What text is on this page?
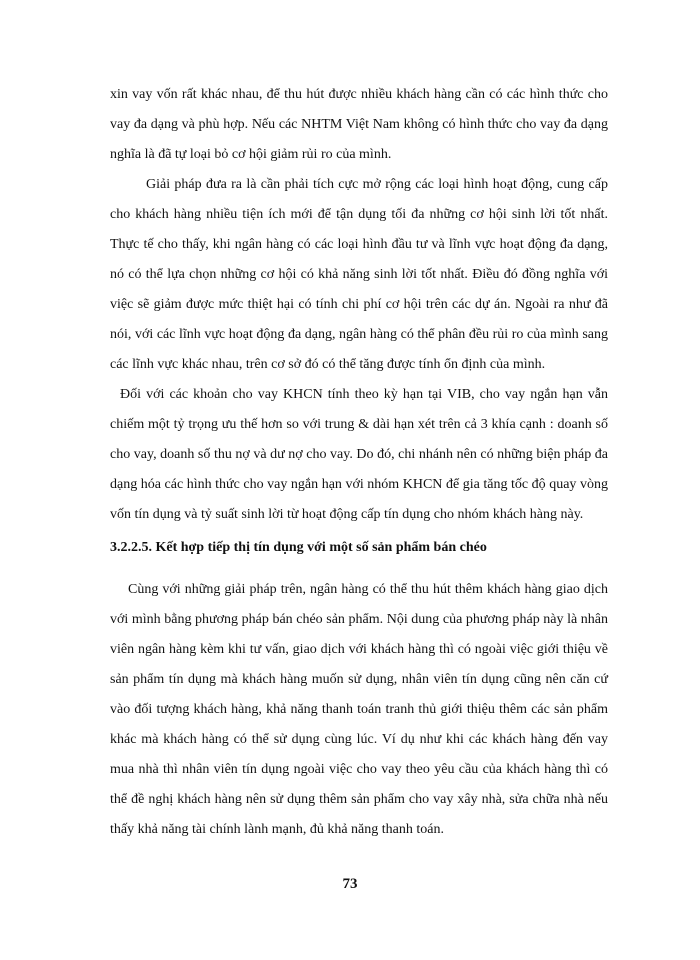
xin vay vốn rất khác nhau, để thu hút được nhiều khách hàng cần có các hình thức cho vay đa dạng và phù hợp. Nếu các NHTM Việt Nam không có hình thức cho vay đa dạng nghĩa là đã tự loại bỏ cơ hội giảm rủi ro của mình.

Giải pháp đưa ra là cần phải tích cực mở rộng các loại hình hoạt động, cung cấp cho khách hàng nhiều tiện ích mới để tận dụng tối đa những cơ hội sinh lời tốt nhất. Thực tế cho thấy, khi ngân hàng có các loại hình đầu tư và lĩnh vực hoạt động đa dạng, nó có thể lựa chọn những cơ hội có khả năng sinh lời tốt nhất. Điều đó đồng nghĩa với việc sẽ giảm được mức thiệt hại có tính chi phí cơ hội trên các dự án. Ngoài ra như đã nói, với các lĩnh vực hoạt động đa dạng, ngân hàng có thể phân đều rủi ro của mình sang các lĩnh vực khác nhau, trên cơ sở đó có thể tăng được tính ổn định của mình.

Đối với các khoản cho vay KHCN tính theo kỳ hạn tại VIB, cho vay ngắn hạn vẫn chiếm một tỷ trọng ưu thế hơn so với trung & dài hạn xét trên cả 3 khía cạnh : doanh số cho vay, doanh số thu nợ và dư nợ cho vay. Do đó, chi nhánh nên có những biện pháp đa dạng hóa các hình thức cho vay ngắn hạn với nhóm KHCN để gia tăng tốc độ quay vòng vốn tín dụng và tỷ suất sinh lời từ hoạt động cấp tín dụng cho nhóm khách hàng này.

3.2.2.5. Kết hợp tiếp thị tín dụng với một số sản phẩm bán chéo

Cùng với những giải pháp trên, ngân hàng có thể thu hút thêm khách hàng giao dịch với mình bằng phương pháp bán chéo sản phẩm. Nội dung của phương pháp này là nhân viên ngân hàng kèm khi tư vấn, giao dịch với khách hàng thì có ngoài việc giới thiệu về sản phẩm tín dụng mà khách hàng muốn sử dụng, nhân viên tín dụng cũng nên căn cứ vào đối tượng khách hàng, khả năng thanh toán tranh thủ giới thiệu thêm các sản phẩm khác mà khách hàng có thể sử dụng cùng lúc. Ví dụ như khi các khách hàng đến vay mua nhà thì nhân viên tín dụng ngoài việc cho vay theo yêu cầu của khách hàng thì có thể đề nghị khách hàng nên sử dụng thêm sản phẩm cho vay xây nhà, sửa chữa nhà nếu thấy khả năng tài chính lành mạnh, đủ khả năng thanh toán.

73
